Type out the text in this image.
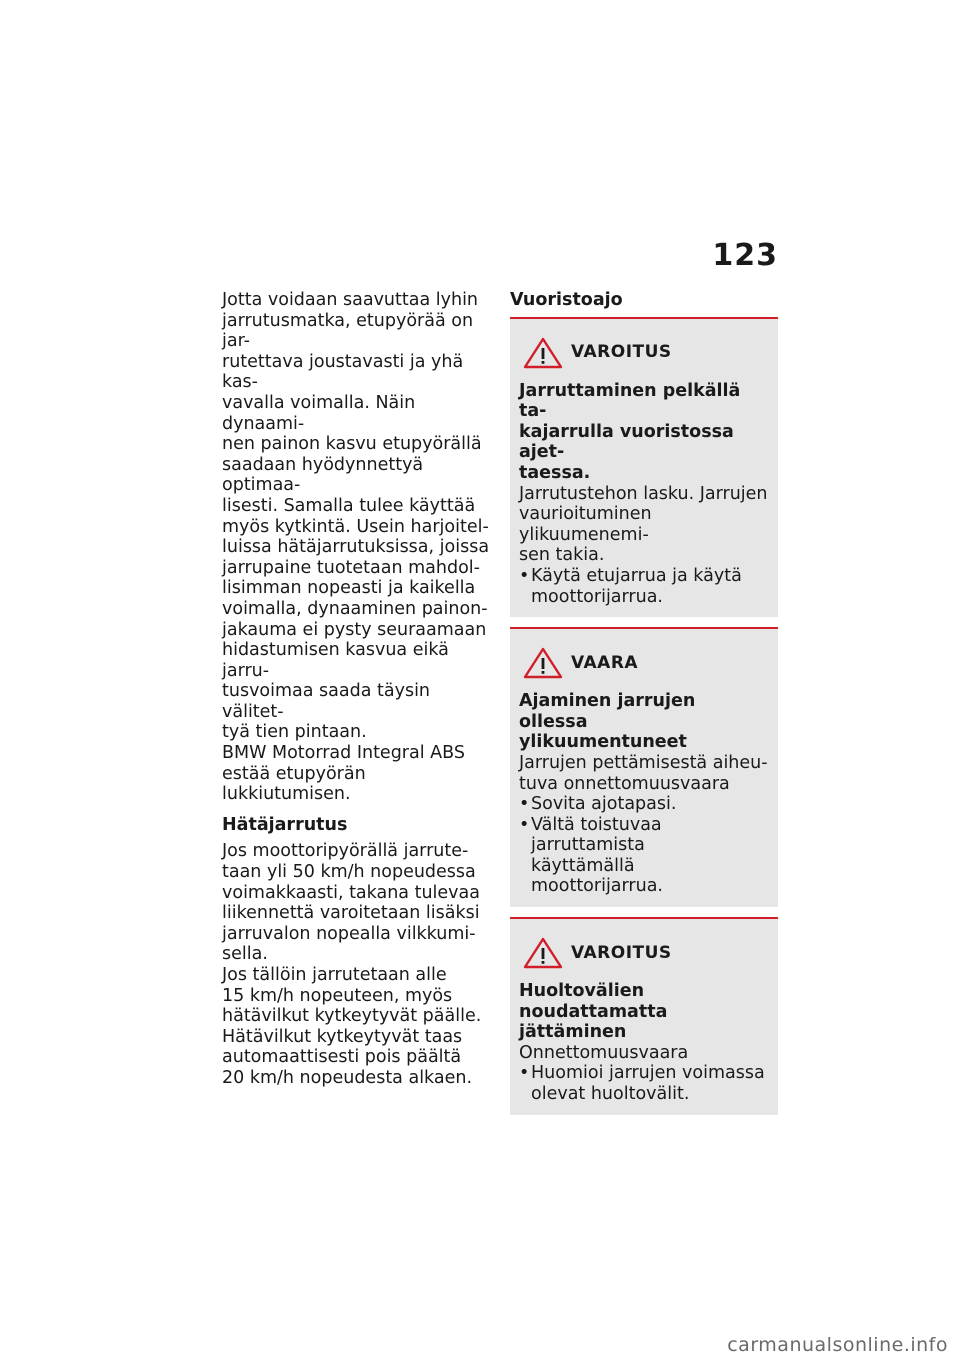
123
Jotta voidaan saavuttaa lyhin
jarrutusmatka, etupyörää on jar-
rutettava joustavasti ja yhä kas-
vavalla voimalla. Näin dynaami-
nen painon kasvu etupyörällä
saadaan hyödynnettyä optimaa-
lisesti. Samalla tulee käyttää
myös kytkintä. Usein harjoitel-
luissa hätäjarrutuksissa, joissa
jarrupaine tuotetaan mahdol-
lisimman nopeasti ja kaikella
voimalla, dynaaminen painon-
jakauma ei pysty seuraamaan
hidastumisen kasvua eikä jarru-
tusvoimaa saada täysin välitet-
tyä tien pintaan.
BMW Motorrad Integral ABS
estää etupyörän lukkiutumisen.
Hätäjarrutus
Jos moottoripyörällä jarrute-
taan yli 50 km/h nopeudessa
voimakkaasti, takana tulevaa
liikennettä varoitetaan lisäksi
jarruvalon nopealla vilkkumi-
sella.
Jos tällöin jarrutetaan alle
15 km/h nopeuteen, myös
hätävilkut kytkeytyvät päälle.
Hätävilkut kytkeytyvät taas
automaattisesti pois päältä
20 km/h nopeudesta alkaen.
Vuoristoajo
VAROITUS
Jarruttaminen pelkällä ta-
kajarrulla vuoristossa ajet-
taessa.
Jarrutustehon lasku. Jarrujen
vaurioituminen ylikuumenemi-
sen takia.
• Käytä etujarrua ja käytä
moottorijarrua.
VAARA
Ajaminen jarrujen ollessa
ylikuumentuneet
Jarrujen pettämisestä aiheu-
tuva onnettomuusvaara
• Sovita ajotapasi.
• Vältä toistuvaa jarruttamista
käyttämällä moottorijarrua.
VAROITUS
Huoltovälien noudattamatta
jättäminen
Onnettomuusvaara
• Huomioi jarrujen voimassa
olevat huoltovälit.
carmanualsonline.info
